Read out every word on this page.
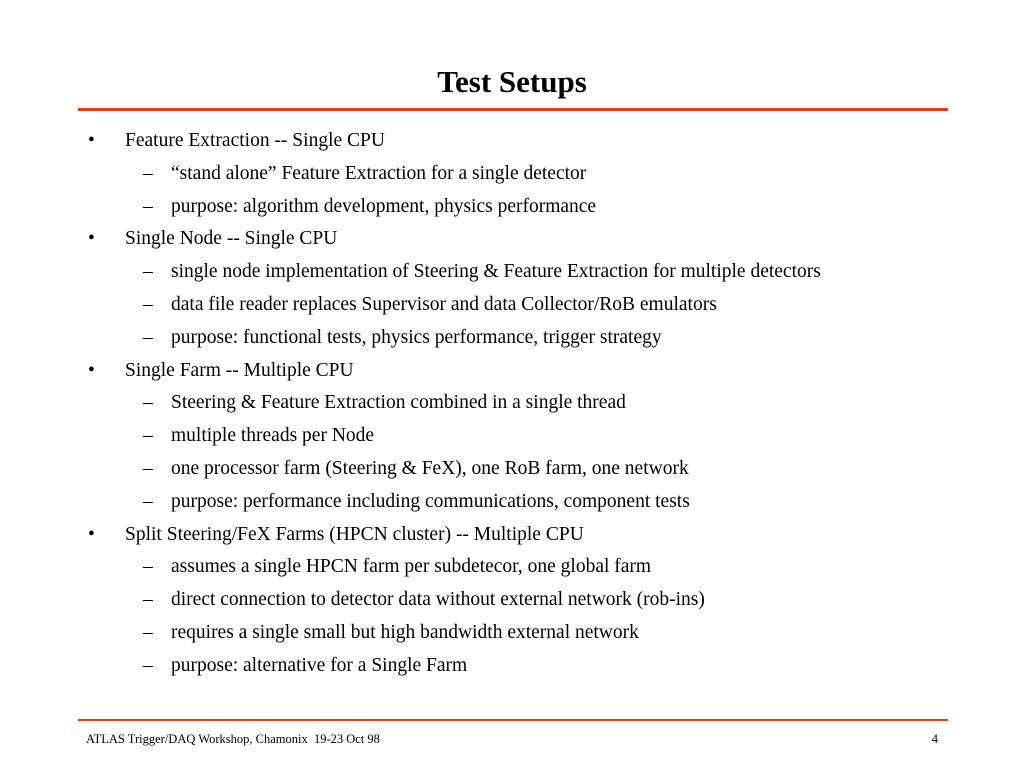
Test Setups
• Feature Extraction -- Single CPU
– “stand alone” Feature Extraction for a single detector
– purpose: algorithm development, physics performance
• Single Node -- Single CPU
– single node implementation of Steering & Feature Extraction for multiple detectors
– data file reader replaces Supervisor and data Collector/RoB emulators
– purpose: functional tests, physics performance, trigger strategy
• Single Farm -- Multiple CPU
– Steering & Feature Extraction combined in a single thread
– multiple threads per Node
– one processor farm (Steering & FeX), one RoB farm, one network
– purpose: performance including communications, component tests
• Split Steering/FeX Farms (HPCN cluster) -- Multiple CPU
– assumes a single HPCN farm per subdetecor, one global farm
– direct connection to detector data without external network (rob-ins)
– requires a single small but high bandwidth external network
– purpose: alternative for a Single Farm
ATLAS Trigger/DAQ Workshop, Chamonix  19-23 Oct 98	4
